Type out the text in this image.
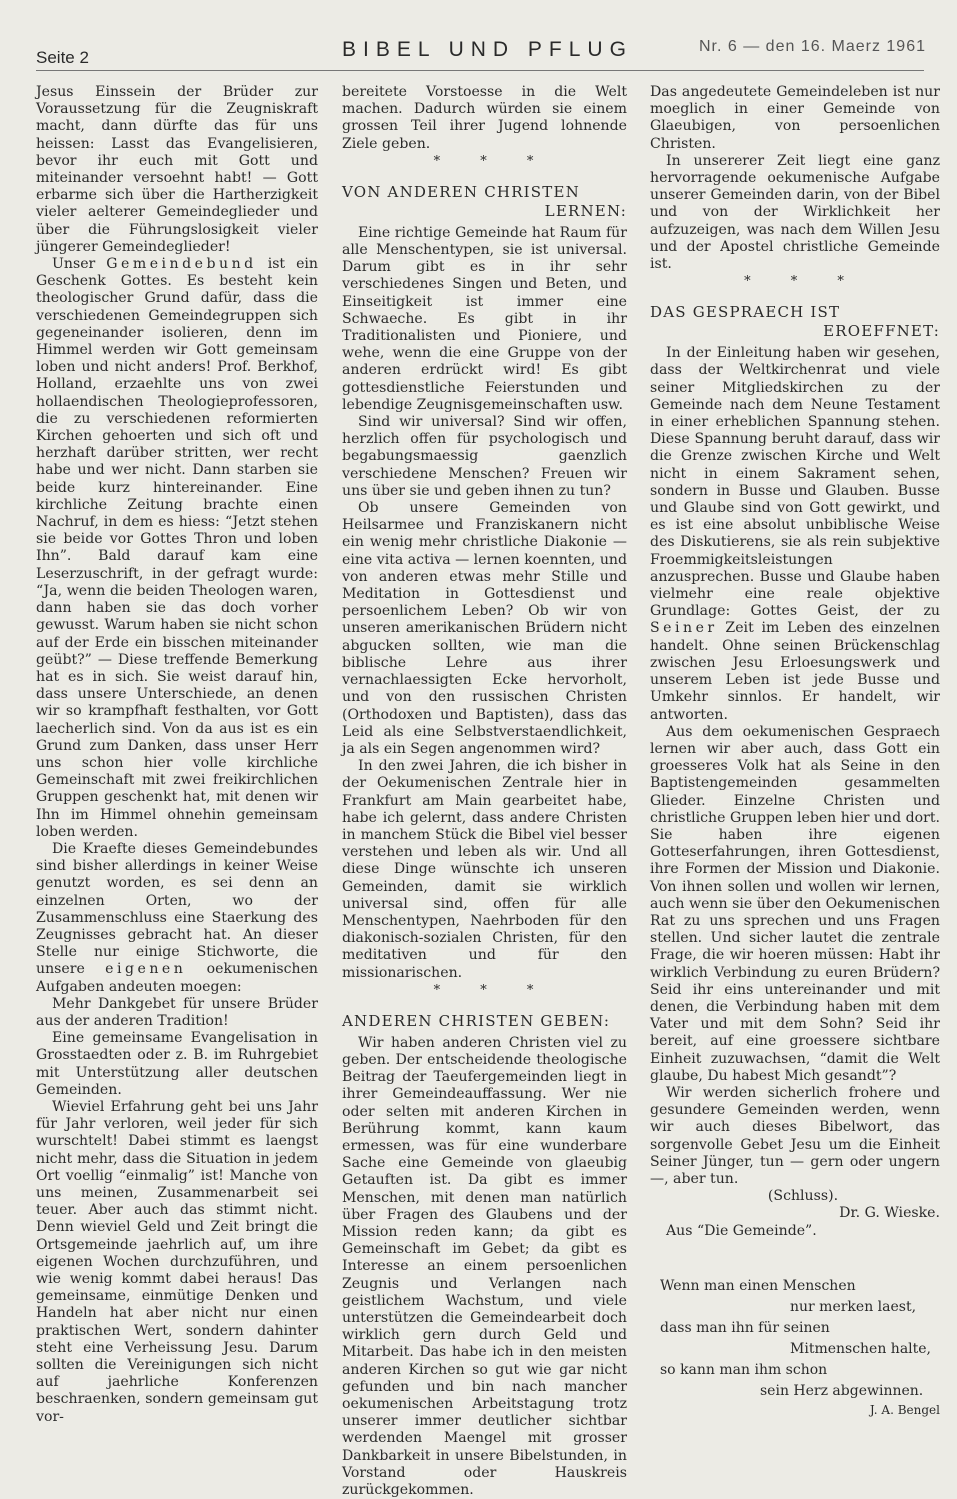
Seite 2	BIBEL UND PFLUG	Nr. 6 — den 16. Maerz 1961

Jesus Einssein der Brüder zur Voraussetzung für die Zeugniskraft macht, dann dürfte das für uns heissen: Lasst das Evangelisieren, bevor ihr euch mit Gott und miteinander versoehnt habt! — Gott erbarme sich über die Hartherzigkeit vieler aelterer Gemeindeglieder und über die Führungslosigkeit vieler jüngerer Gemeindeglieder!

Unser Gemeindebund ist ein Geschenk Gottes. Es besteht kein theologischer Grund dafür, dass die verschiedenen Gemeindegruppen sich gegeneinander isolieren, denn im Himmel werden wir Gott gemeinsam loben und nicht anders! Prof. Berkhof, Holland, erzaehlte uns von zwei hollaendischen Theologieprofessoren, die zu verschiedenen reformierten Kirchen gehoerten und sich oft und herzhaft darüber stritten, wer recht habe und wer nicht. Dann starben sie beide kurz hintereinander. Eine kirchliche Zeitung brachte einen Nachruf, in dem es hiess: “Jetzt stehen sie beide vor Gottes Thron und loben Ihn”. Bald darauf kam eine Leserzuschrift, in der gefragt wurde: “Ja, wenn die beiden Theologen waren, dann haben sie das doch vorher gewusst. Warum haben sie nicht schon auf der Erde ein bisschen miteinander geübt?” — Diese treffende Bemerkung hat es in sich. Sie weist darauf hin, dass unsere Unterschiede, an denen wir so krampfhaft festhalten, vor Gott laecherlich sind. Von da aus ist es ein Grund zum Danken, dass unser Herr uns schon hier volle kirchliche Gemeinschaft mit zwei freikirchlichen Gruppen geschenkt hat, mit denen wir Ihn im Himmel ohnehin gemeinsam loben werden.

Die Kraefte dieses Gemeindebundes sind bisher allerdings in keiner Weise genutzt worden, es sei denn an einzelnen Orten, wo der Zusammenschluss eine Staerkung des Zeugnisses gebracht hat. An dieser Stelle nur einige Stichworte, die unsere eigenen oekumenischen Aufgaben andeuten moegen:

Mehr Dankgebet für unsere Brüder aus der anderen Tradition!

Eine gemeinsame Evangelisation in Grosstaedten oder z. B. im Ruhrgebiet mit Unterstützung aller deutschen Gemeinden.

Wieviel Erfahrung geht bei uns Jahr für Jahr verloren, weil jeder für sich wurschtelt! Dabei stimmt es laengst nicht mehr, dass die Situation in jedem Ort voellig “einmalig” ist! Manche von uns meinen, Zusammenarbeit sei teuer. Aber auch das stimmt nicht. Denn wieviel Geld und Zeit bringt die Ortsgemeinde jaehrlich auf, um ihre eigenen Wochen durchzuführen, und wie wenig kommt dabei heraus! Das gemeinsame, einmütige Denken und Handeln hat aber nicht nur einen praktischen Wert, sondern dahinter steht eine Verheissung Jesu. Darum sollten die Vereinigungen sich nicht auf jaehrliche Konferenzen beschraenken, sondern gemeinsam gut vor-

bereitete Vorstoesse in die Welt machen. Dadurch würden sie einem grossen Teil ihrer Jugend lohnende Ziele geben.

* * *

VON ANDEREN CHRISTEN
LERNEN:

Eine richtige Gemeinde hat Raum für alle Menschentypen, sie ist universal. Darum gibt es in ihr sehr verschiedenes Singen und Beten, und Einseitigkeit ist immer eine Schwaeche. Es gibt in ihr Traditionalisten und Pioniere, und wehe, wenn die eine Gruppe von der anderen erdrückt wird! Es gibt gottesdienstliche Feierstunden und lebendige Zeugnisgemeinschaften usw.

Sind wir universal? Sind wir offen, herzlich offen für psychologisch und begabungsmaessig gaenzlich verschiedene Menschen? Freuen wir uns über sie und geben ihnen zu tun?

Ob unsere Gemeinden von Heilsarmee und Franziskanern nicht ein wenig mehr christliche Diakonie — eine vita activa — lernen koennten, und von anderen etwas mehr Stille und Meditation in Gottesdienst und persoenlichem Leben? Ob wir von unseren amerikanischen Brüdern nicht abgucken sollten, wie man die biblische Lehre aus ihrer vernachlaessigten Ecke hervorholt, und von den russischen Christen (Orthodoxen und Baptisten), dass das Leid als eine Selbstverstaendlichkeit, ja als ein Segen angenommen wird?

In den zwei Jahren, die ich bisher in der Oekumenischen Zentrale hier in Frankfurt am Main gearbeitet habe, habe ich gelernt, dass andere Christen in manchem Stück die Bibel viel besser verstehen und leben als wir. Und all diese Dinge wünschte ich unseren Gemeinden, damit sie wirklich universal sind, offen für alle Menschentypen, Naehrboden für den diakonisch-sozialen Christen, für den meditativen und für den missionarischen.

* * *

ANDEREN CHRISTEN GEBEN:

Wir haben anderen Christen viel zu geben. Der entscheidende theologische Beitrag der Taeufergemeinden liegt in ihrer Gemeindeauffassung. Wer nie oder selten mit anderen Kirchen in Berührung kommt, kann kaum ermessen, was für eine wunderbare Sache eine Gemeinde von glaeubig Getauften ist. Da gibt es immer Menschen, mit denen man natürlich über Fragen des Glaubens und der Mission reden kann; da gibt es Gemeinschaft im Gebet; da gibt es Interesse an einem persoenlichen Zeugnis und Verlangen nach geistlichem Wachstum, und viele unterstützen die Gemeindearbeit doch wirklich gern durch Geld und Mitarbeit. Das habe ich in den meisten anderen Kirchen so gut wie gar nicht gefunden und bin nach mancher oekumenischen Arbeitstagung trotz unserer immer deutlicher sichtbar werdenden Maengel mit grosser Dankbarkeit in unsere Bibelstunden, in Vorstand oder Hauskreis zurückgekommen.

Das angedeutete Gemeindeleben ist nur moeglich in einer Gemeinde von Glaeubigen, von persoenlichen Christen.

In unsererer Zeit liegt eine ganz hervorragende oekumenische Aufgabe unserer Gemeinden darin, von der Bibel und von der Wirklichkeit her aufzuzeigen, was nach dem Willen Jesu und der Apostel christliche Gemeinde ist.

* * *

DAS GESPRAECH IST
EROEFFNET:

In der Einleitung haben wir gesehen, dass der Weltkirchenrat und viele seiner Mitgliedskirchen zu der Gemeinde nach dem Neune Testament in einer erheblichen Spannung stehen. Diese Spannung beruht darauf, dass wir die Grenze zwischen Kirche und Welt nicht in einem Sakrament sehen, sondern in Busse und Glauben. Busse und Glaube sind von Gott gewirkt, und es ist eine absolut unbiblische Weise des Diskutierens, sie als rein subjektive Froemmigkeitsleistungen anzusprechen. Busse und Glaube haben vielmehr eine reale objektive Grundlage: Gottes Geist, der zu Seiner Zeit im Leben des einzelnen handelt. Ohne seinen Brückenschlag zwischen Jesu Erloesungswerk und unserem Leben ist jede Busse und Umkehr sinnlos. Er handelt, wir antworten.

Aus dem oekumenischen Gespraech lernen wir aber auch, dass Gott ein groesseres Volk hat als Seine in den Baptistengemeinden gesammelten Glieder. Einzelne Christen und christliche Gruppen leben hier und dort. Sie haben ihre eigenen Gotteserfahrungen, ihren Gottesdienst, ihre Formen der Mission und Diakonie. Von ihnen sollen und wollen wir lernen, auch wenn sie über den Oekumenischen Rat zu uns sprechen und uns Fragen stellen. Und sicher lautet die zentrale Frage, die wir hoeren müssen: Habt ihr wirklich Verbindung zu euren Brüdern? Seid ihr eins untereinander und mit denen, die Verbindung haben mit dem Vater und mit dem Sohn? Seid ihr bereit, auf eine groessere sichtbare Einheit zuzuwachsen, “damit die Welt glaube, Du habest Mich gesandt”?

Wir werden sicherlich frohere und gesundere Gemeinden werden, wenn wir auch dieses Bibelwort, das sorgenvolle Gebet Jesu um die Einheit Seiner Jünger, tun — gern oder ungern —, aber tun.

(Schluss).

Dr. G. Wieske.

Aus “Die Gemeinde”.

Wenn man einen Menschen
nur merken laest,
dass man ihn für seinen
Mitmenschen halte,
so kann man ihm schon
sein Herz abgewinnen.

J. A. Bengel
